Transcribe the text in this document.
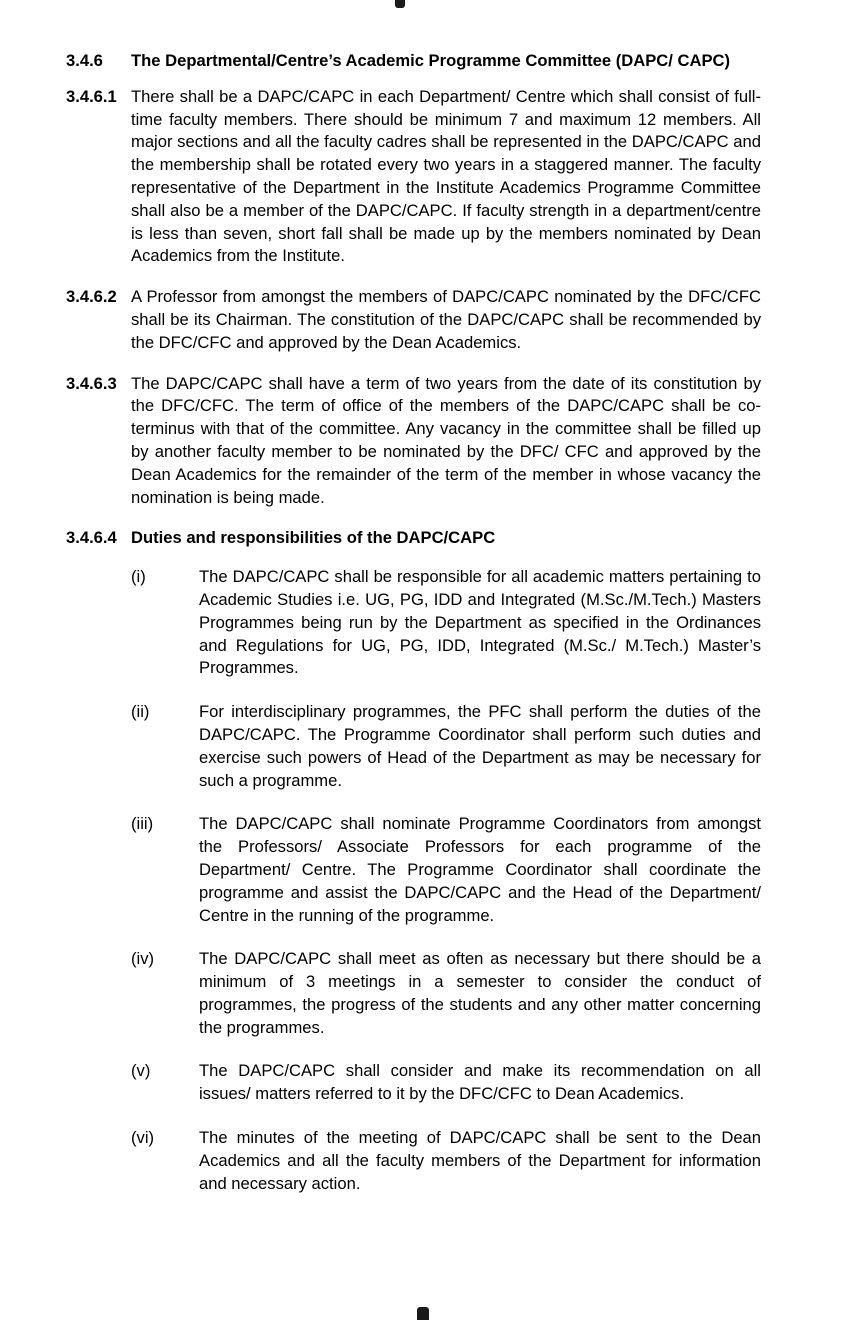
3.4.6 The Departmental/Centre’s Academic Programme Committee (DAPC/ CAPC)

3.4.6.1 There shall be a DAPC/CAPC in each Department/ Centre which shall consist of full-time faculty members. There should be minimum 7 and maximum 12 members. All major sections and all the faculty cadres shall be represented in the DAPC/CAPC and the membership shall be rotated every two years in a staggered manner. The faculty representative of the Department in the Institute Academics Programme Committee shall also be a member of the DAPC/CAPC. If faculty strength in a department/centre is less than seven, short fall shall be made up by the members nominated by Dean Academics from the Institute.

3.4.6.2 A Professor from amongst the members of DAPC/CAPC nominated by the DFC/CFC shall be its Chairman. The constitution of the DAPC/CAPC shall be recommended by the DFC/CFC and approved by the Dean Academics.

3.4.6.3 The DAPC/CAPC shall have a term of two years from the date of its constitution by the DFC/CFC. The term of office of the members of the DAPC/CAPC shall be co-terminus with that of the committee. Any vacancy in the committee shall be filled up by another faculty member to be nominated by the DFC/ CFC and approved by the Dean Academics for the remainder of the term of the member in whose vacancy the nomination is being made.

3.4.6.4 Duties and responsibilities of the DAPC/CAPC

(i)	The DAPC/CAPC shall be responsible for all academic matters pertaining to Academic Studies i.e. UG, PG, IDD and Integrated (M.Sc./M.Tech.) Masters Programmes being run by the Department as specified in the Ordinances and Regulations for UG, PG, IDD, Integrated (M.Sc./ M.Tech.) Master’s Programmes.

(ii)	For interdisciplinary programmes, the PFC shall perform the duties of the DAPC/CAPC. The Programme Coordinator shall perform such duties and exercise such powers of Head of the Department as may be necessary for such a programme.

(iii)	The DAPC/CAPC shall nominate Programme Coordinators from amongst the Professors/ Associate Professors for each programme of the Department/ Centre. The Programme Coordinator shall coordinate the programme and assist the DAPC/CAPC and the Head of the Department/ Centre in the running of the programme.

(iv)	The DAPC/CAPC shall meet as often as necessary but there should be a minimum of 3 meetings in a semester to consider the conduct of programmes, the progress of the students and any other matter concerning the programmes.

(v)	The DAPC/CAPC shall consider and make its recommendation on all issues/ matters referred to it by the DFC/CFC to Dean Academics.

(vi)	The minutes of the meeting of DAPC/CAPC shall be sent to the Dean Academics and all the faculty members of the Department for information and necessary action.
